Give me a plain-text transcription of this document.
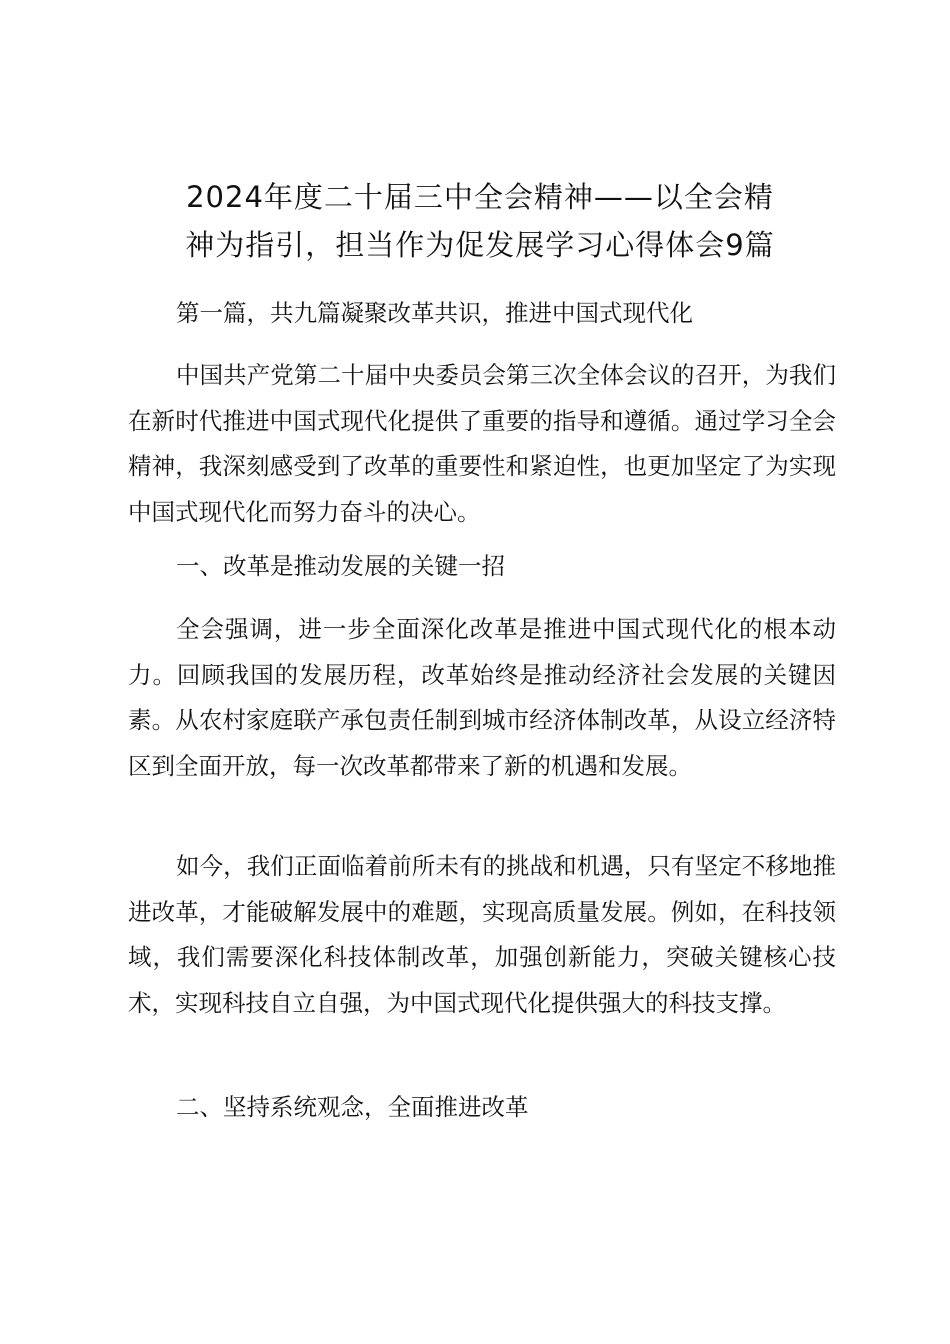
2024年度二十届三中全会精神——以全会精
神为指引，担当作为促发展学习心得体会9篇

第一篇，共九篇凝聚改革共识，推进中国式现代化

中国共产党第二十届中央委员会第三次全体会议的召开，为我们在新时代推进中国式现代化提供了重要的指导和遵循。通过学习全会精神，我深刻感受到了改革的重要性和紧迫性，也更加坚定了为实现中国式现代化而努力奋斗的决心。

一、改革是推动发展的关键一招

全会强调，进一步全面深化改革是推进中国式现代化的根本动力。回顾我国的发展历程，改革始终是推动经济社会发展的关键因素。从农村家庭联产承包责任制到城市经济体制改革，从设立经济特区到全面开放，每一次改革都带来了新的机遇和发展。

如今，我们正面临着前所未有的挑战和机遇，只有坚定不移地推进改革，才能破解发展中的难题，实现高质量发展。例如，在科技领域，我们需要深化科技体制改革，加强创新能力，突破关键核心技术，实现科技自立自强，为中国式现代化提供强大的科技支撑。

二、坚持系统观念，全面推进改革
